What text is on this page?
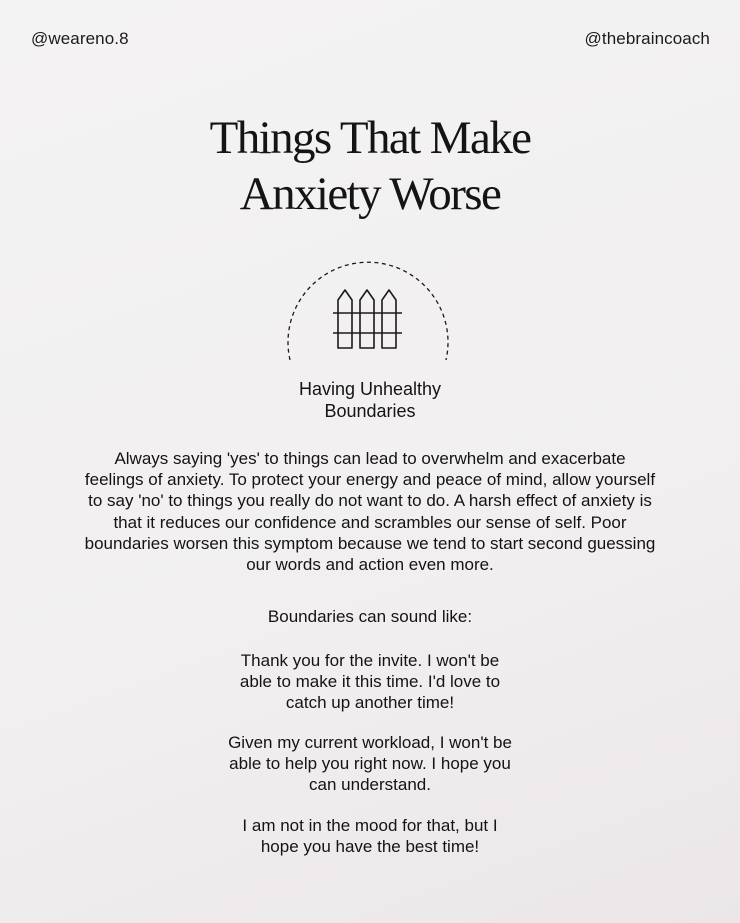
@weareno.8	@thebraincoach
Things That Make
Anxiety Worse
Having Unhealthy
Boundaries
Always saying 'yes' to things can lead to overwhelm and exacerbate feelings of anxiety. To protect your energy and peace of mind, allow yourself to say 'no' to things you really do not want to do. A harsh effect of anxiety is that it reduces our confidence and scrambles our sense of self. Poor boundaries worsen this symptom because we tend to start second guessing our words and action even more.
Boundaries can sound like:
Thank you for the invite. I won't be
able to make it this time. I'd love to
catch up another time!
Given my current workload, I won't be
able to help you right now. I hope you
can understand.
I am not in the mood for that, but I
hope you have the best time!
